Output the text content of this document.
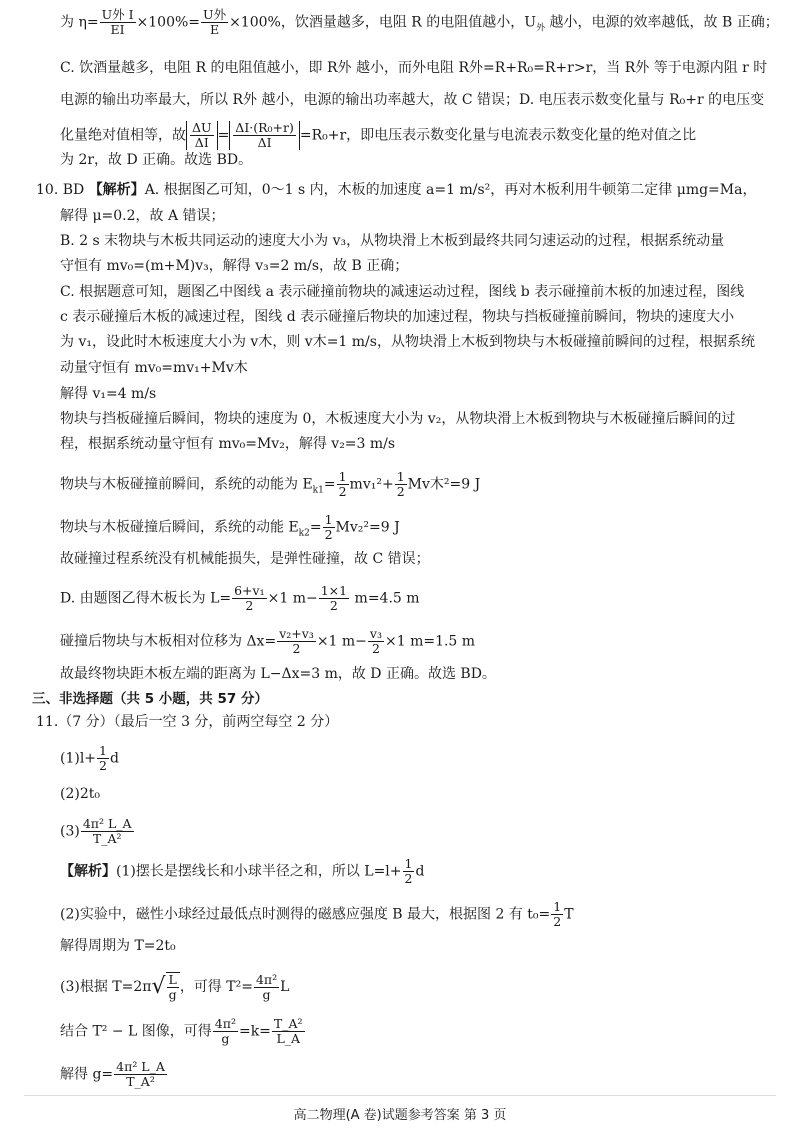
为 $\eta= \frac{\text{U外 I}}{EI} \times 100\%= \frac{\text{U外}}{E} \times 100\%$，饮酒量越多，电阻 R 的电阻值越小，$U_外$ 越小，电源的效率越低，故 B 正确；
C. 饮酒量越多，电阻 R 的电阻值越小，即 R外 越小，而外电阻 R外=R+R₀=R+r>r，当 R外 等于电源内阻 r 时
电源的输出功率最大，所以 R外 越小，电源的输出功率越大，故 C 错误；D. 电压表示数变化量与 R₀+r 的电压变
化量绝对值相等，故 $\frac{\Delta U}{\Delta I} = \frac{\text{ΔI·(R₀+r)}}{\Delta I} =R_0+r$，即电压表示数变化量与电流表示数变化量的绝对值之比
为 2r，故 D 正确。故选 BD。
10. BD 【解析】A. 根据图乙可知，0～1 s 内，木板的加速度 a=1 m/s²，再对木板利用牛顿第二定律 μmg=Ma，
解得 μ=0.2，故 A 错误；
B. 2 s 末物块与木板共同运动的速度大小为 v₃，从物块滑上木板到最终共同匀速运动的过程，根据系统动量
守恒有 mv₀=(m+M)v₃，解得 v₃=2 m/s，故 B 正确；
C. 根据题意可知，题图乙中图线 a 表示碰撞前物块的减速运动过程，图线 b 表示碰撞前木板的加速过程，图线
c 表示碰撞后木板的减速过程，图线 d 表示碰撞后物块的加速过程，物块与挡板碰撞前瞬间，物块的速度大小
为 v₁，设此时木板速度大小为 v木，则 v木=1 m/s，从物块滑上木板到物块与木板碰撞前瞬间的过程，根据系统
动量守恒有 mv₀=mv₁+Mv木
解得 v₁=4 m/s
物块与挡板碰撞后瞬间，物块的速度为 0，木板速度大小为 v₂，从物块滑上木板到物块与木板碰撞后瞬间的过
程，根据系统动量守恒有 mv₀=Mv₂，解得 v₂=3 m/s
物块与木板碰撞前瞬间，系统的动能为 $E_{k1}= \frac{1}{2} mv_1^2+ \frac{1}{2}$ Mv木²=9 J
物块与木板碰撞后瞬间，系统的动能 $E_{k2}= \frac{1}{2} Mv_2^2=9$ J
故碰撞过程系统没有机械能损失，是弹性碰撞，故 C 错误；
D. 由题图乙得木板长为 $L= \frac{\text{6+v₁}}{2} \times 1$ $m- \frac{1\times 1}{2} m=4.5$ m
碰撞后物块与木板相对位移为 $\Delta x= \frac{\text{v₂+v₃}}{2} \times 1$ $m- \frac{\text{v₃}}{2} \times 1$ m=1.5 m
故最终物块距木板左端的距离为 L−Δx=3 m，故 D 正确。故选 BD。
三、非选择题（共 5 小题，共 57 分）
11.（7 分）（最后一空 3 分，前两空每空 2 分）
$(1)l+ \frac{1}{2}$ d
(2)2t₀
$(3) \frac{\text{4π² L\_A}}{\text{T\_A²}}$
【解析】(1)摆长是摆线长和小球半径之和，所以 $L=l+ \frac{1}{2}$ d
(2)实验中，磁性小球经过最低点时测得的磁感应强度 B 最大，根据图 2 有 $t_0= \frac{1}{2}$ T
解得周期为 T=2t₀
(3)根据 $T=2\pi√ \frac{L}{g}$ ，可得 $T^2= \frac{\text{4π²}}{g}$ L
结合 T² − L 图像，可得 $\frac{\text{4π²}}{g} =k= \frac{\text{T\_A²}}{L\_A}$
解得 $g= \frac{\text{4π² L\_A}}{\text{T\_A²}}$
高二物理(A 卷)试题参考答案 第 3 页
